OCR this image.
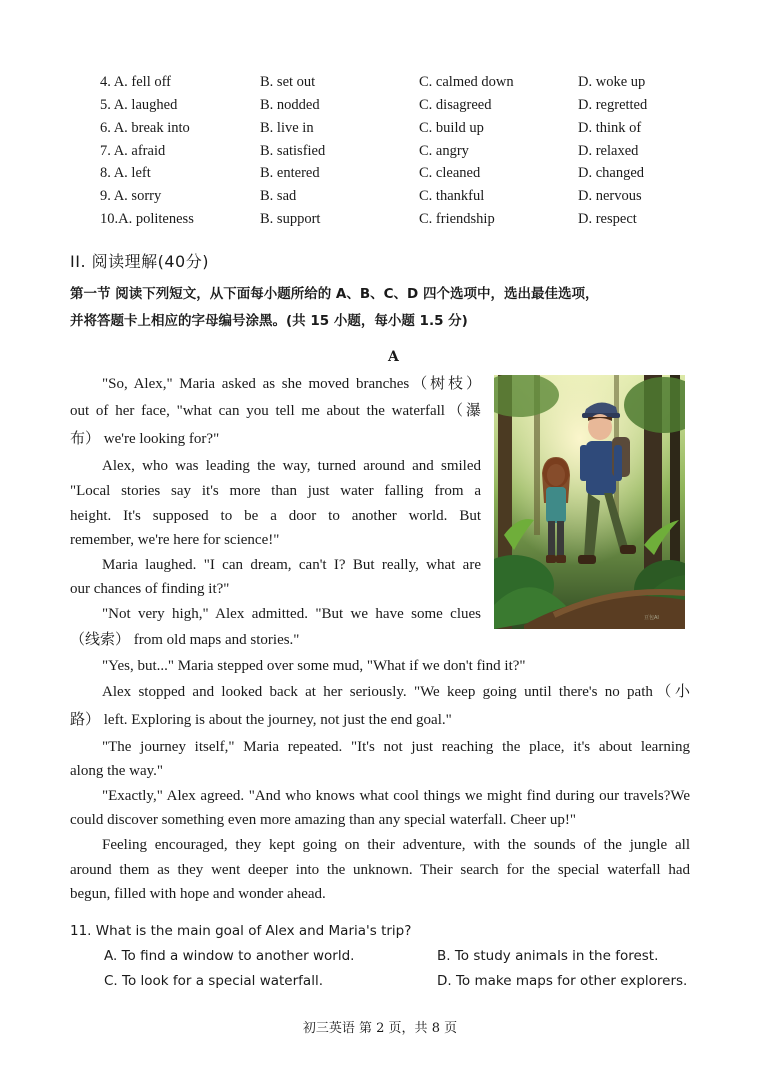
4. A. fell off	B. set out	C. calmed down	D. woke up
5. A. laughed	B. nodded	C. disagreed	D. regretted
6. A. break into	B. live in	C. build up	D. think of
7. A. afraid	B. satisfied	C. angry	D. relaxed
8. A. left	B. entered	C. cleaned	D. changed
9. A. sorry	B. sad	C. thankful	D. nervous
10.A. politeness	B. support	C. friendship	D. respect
II. 阅读理解(40分)
第一节 阅读下列短文，从下面每小题所给的 A、B、C、D 四个选项中，选出最佳选项，
并将答题卡上相应的字母编号涂黑。(共 15 小题，每小题 1.5 分)
A
"So, Alex," Maria asked as she moved branches（树枝）
out of her face, "what can you tell me about the waterfall（瀑
布） we're looking for?"
Alex, who was leading the way, turned around and smiled
"Local stories say it's more than just water falling from a
height. It's supposed to be a door to another world. But
remember, we're here for science!"
Maria laughed. "I can dream, can't I? But really, what are
our chances of finding it?"
"Not very high," Alex admitted. "But we have some clues
（线索） from old maps and stories."
"Yes, but..." Maria stepped over some mud, "What if we don't find it?"
Alex stopped and looked back at her seriously. "We keep going until there's no path（小
路） left. Exploring is about the journey, not just the end goal."
"The journey itself," Maria repeated. "It's not just reaching the place, it's about learning
along the way."
"Exactly," Alex agreed. "And who knows what cool things we might find during our travels?We
could discover something even more amazing than any special waterfall. Cheer up!"
Feeling encouraged, they kept going on their adventure, with the sounds of the jungle all
around them as they went deeper into the unknown. Their search for the special waterfall had
begun, filled with hope and wonder ahead.
豆包AI
11. What is the main goal of Alex and Maria's trip?
A. To find a window to another world.	B. To study animals in the forest.
C. To look for a special waterfall.	D. To make maps for other explorers.
初三英语 第 2 页，共 8 页
